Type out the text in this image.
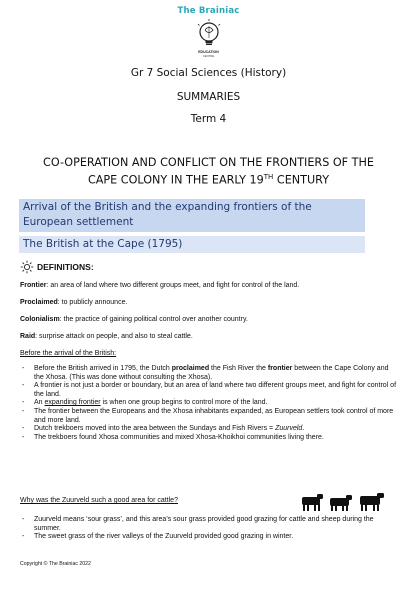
The Brainiac
EDUCATION
CENTRE
Gr 7 Social Sciences (History)
SUMMARIES
Term 4
CO-OPERATION AND CONFLICT ON THE FRONTIERS OF THE
CAPE COLONY IN THE EARLY 19TH CENTURY
Arrival of the British and the expanding frontiers of the European settlement
The British at the Cape (1795)
DEFINITIONS:
Frontier: an area of land where two different groups meet, and fight for control of the land.
Proclaimed: to publicly announce.
Colonialism: the practice of gaining political control over another country.
Raid: surprise attack on people, and also to steal cattle.
Before the arrival of the British:
- Before the British arrived in 1795, the Dutch proclaimed the Fish River the frontier between the Cape Colony and the Xhosa. (This was done without consulting the Xhosa).
- A frontier is not just a border or boundary, but an area of land where two different groups meet, and fight for control of the land.
- An expanding frontier is when one group begins to control more of the land.
- The frontier between the Europeans and the Xhosa inhabitants expanded, as European settlers took control of more and more land.
- Dutch trekboers moved into the area between the Sundays and Fish Rivers = Zuurveld.
- The trekboers found Xhosa communities and mixed Xhosa-Khoikhoi communities living there.
Why was the Zuurveld such a good area for cattle?
- Zuurveld means ‘sour grass’, and this area’s sour grass provided good grazing for cattle and sheep during the summer.
- The sweet grass of the river valleys of the Zuurveld provided good grazing in winter.
Copyright © The Brainiac 2022
